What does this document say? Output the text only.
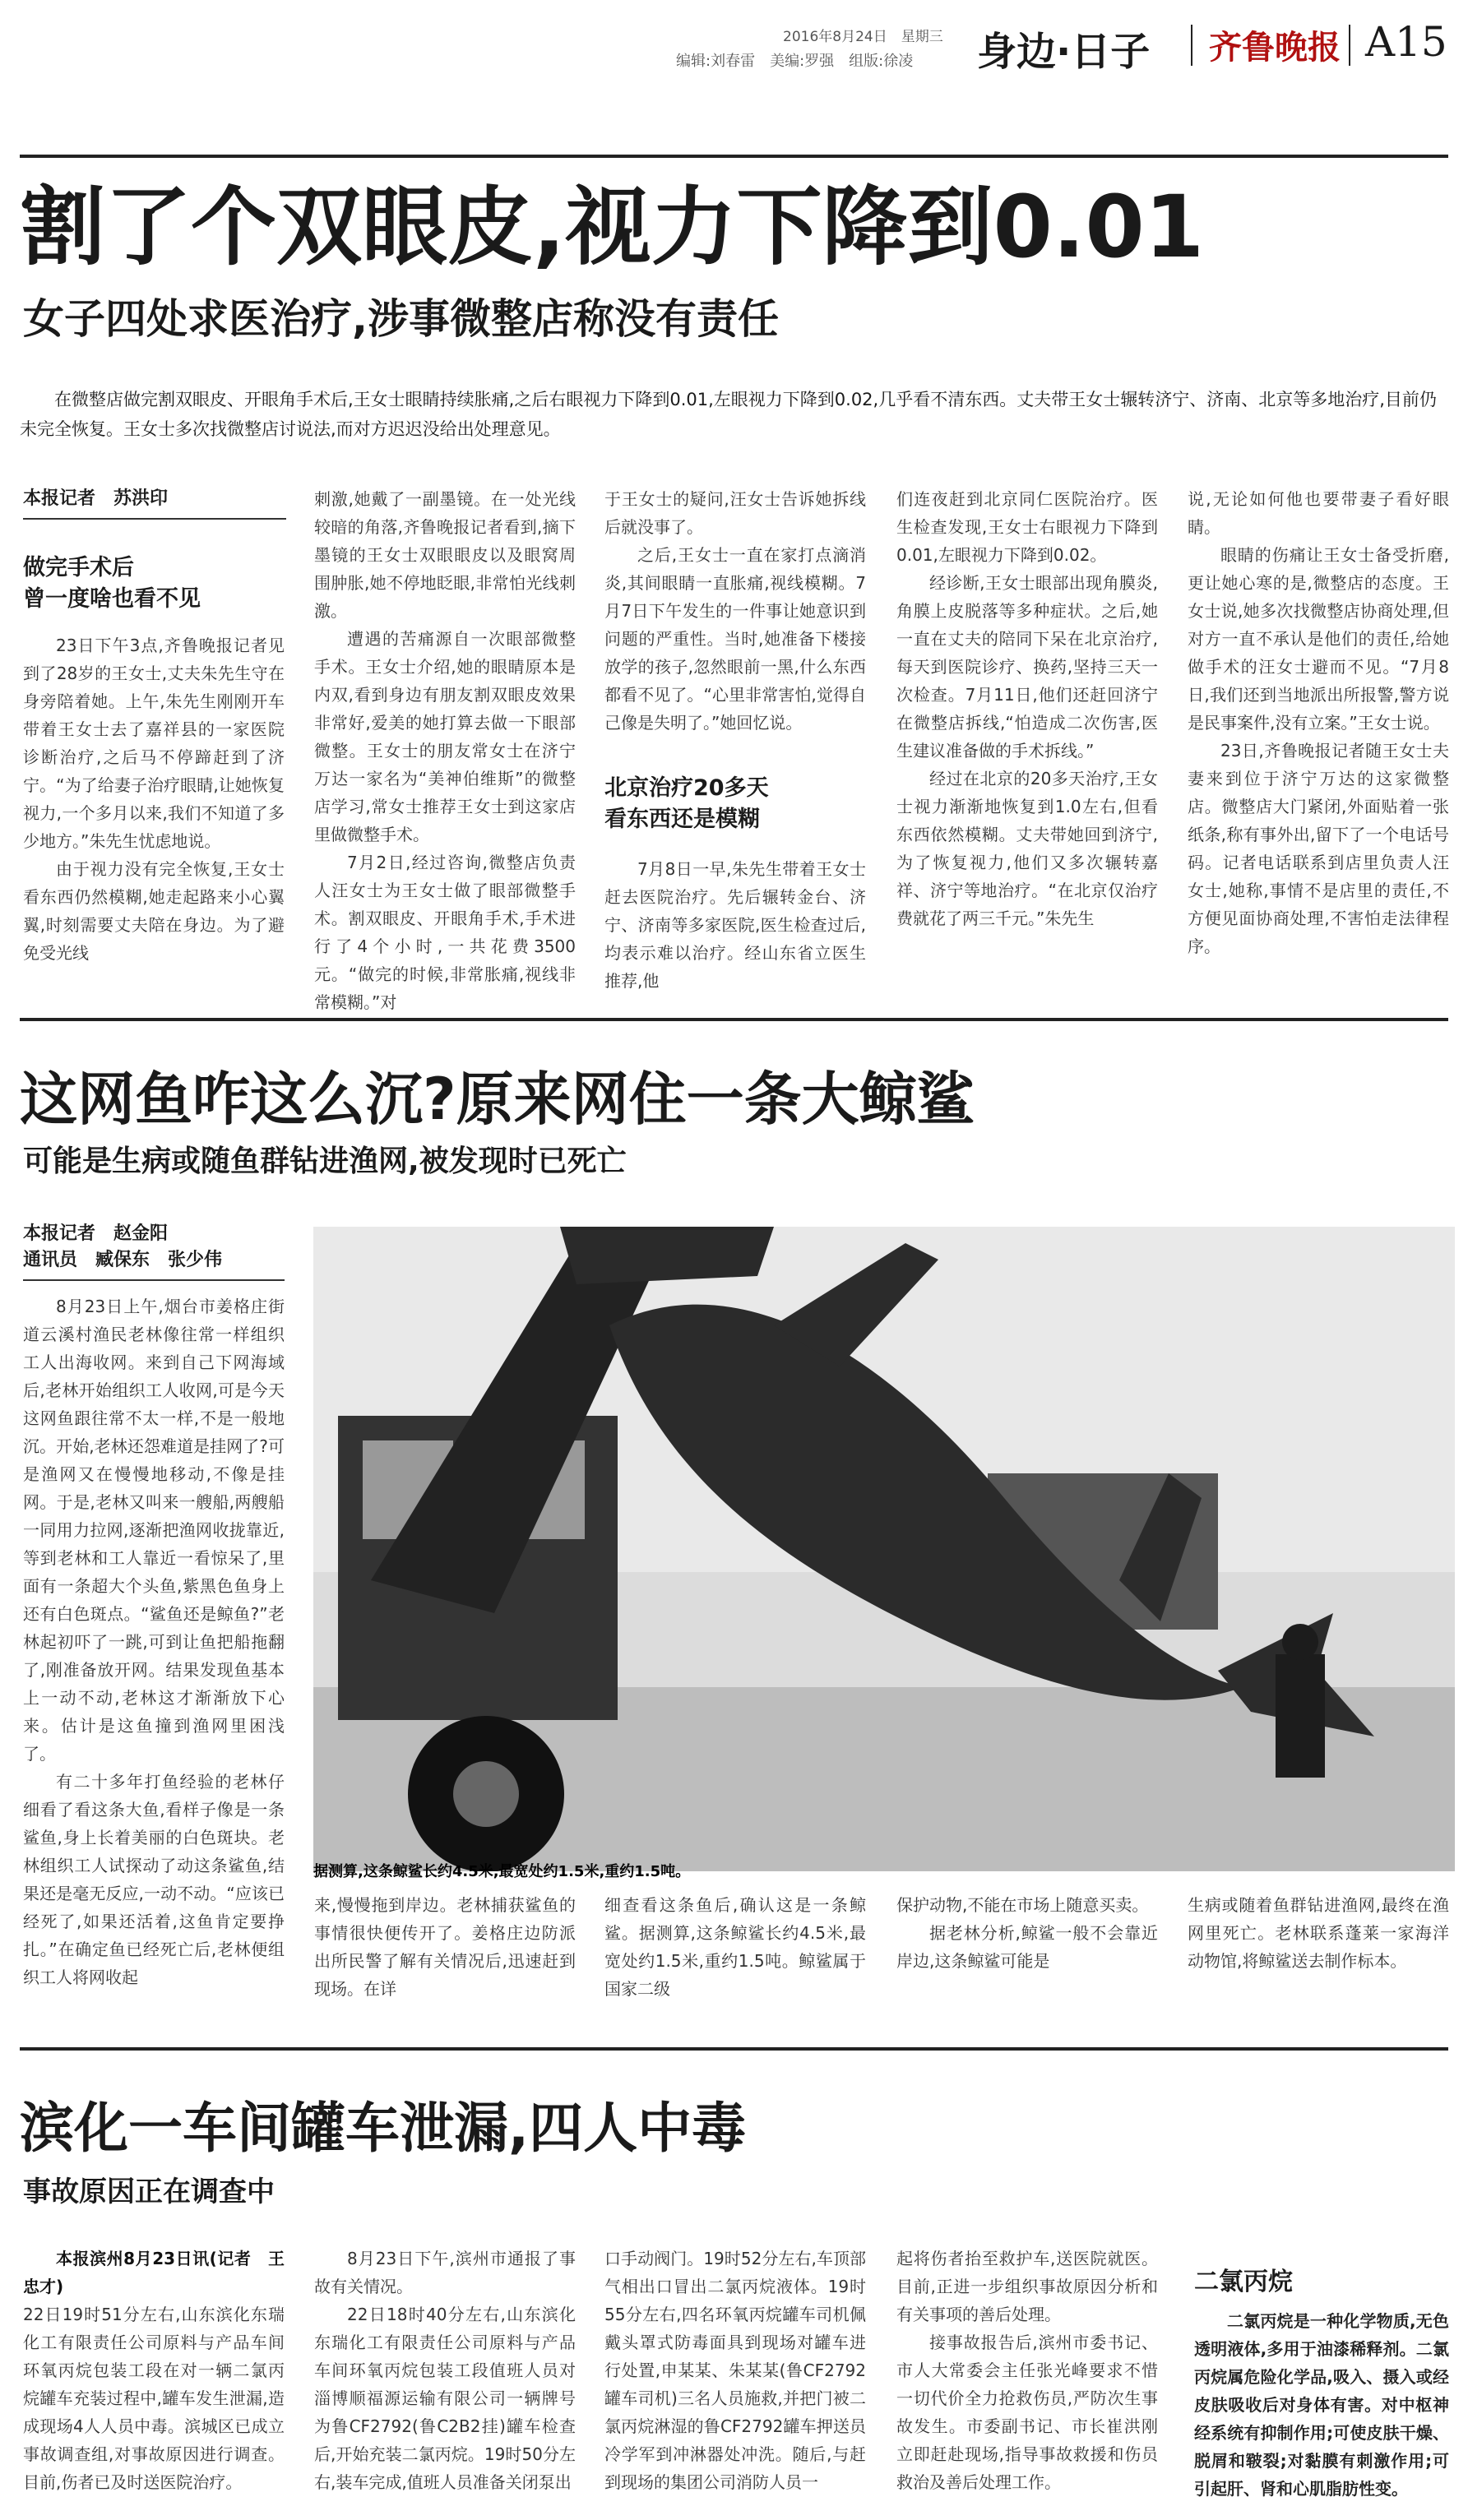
2016年8月24日　星期三
编辑:刘春雷　美编:罗强　组版:徐凌 身边·日子 齐鲁晚报 A15
割了个双眼皮,视力下降到0.01
女子四处求医治疗,涉事微整店称没有责任
在微整店做完割双眼皮、开眼角手术后,王女士眼睛持续胀痛,之后右眼视力下降到0.01,左眼视力下降到0.02,几乎看不清东西。丈夫带王女士辗转济宁、济南、北京等多地治疗,目前仍未完全恢复。王女士多次找微整店讨说法,而对方迟迟没给出处理意见。
本报记者　苏洪印
做完手术后
曾一度啥也看不见

23日下午3点,齐鲁晚报记者见到了28岁的王女士,丈夫朱先生守在身旁陪着她。上午,朱先生刚刚开车带着王女士去了嘉祥县的一家医院诊断治疗,之后马不停蹄赶到了济宁。“为了给妻子治疗眼睛,让她恢复视力,一个多月以来,我们不知道了多少地方。”朱先生忧虑地说。

由于视力没有完全恢复,王女士看东西仍然模糊,她走起路来小心翼翼,时刻需要丈夫陪在身边。为了避免受光线

刺激,她戴了一副墨镜。在一处光线较暗的角落,齐鲁晚报记者看到,摘下墨镜的王女士双眼眼皮以及眼窝周围肿胀,她不停地眨眼,非常怕光线刺激。

遭遇的苦痛源自一次眼部微整手术。王女士介绍,她的眼睛原本是内双,看到身边有朋友割双眼皮效果非常好,爱美的她打算去做一下眼部微整。王女士的朋友常女士在济宁万达一家名为“美神伯维斯”的微整店学习,常女士推荐王女士到这家店里做微整手术。

7月2日,经过咨询,微整店负责人汪女士为王女士做了眼部微整手术。割双眼皮、开眼角手术,手术进行了4个小时,一共花费3500元。“做完的时候,非常胀痛,视线非常模糊。”对

于王女士的疑问,汪女士告诉她拆线后就没事了。

之后,王女士一直在家打点滴消炎,其间眼睛一直胀痛,视线模糊。7月7日下午发生的一件事让她意识到问题的严重性。当时,她准备下楼接放学的孩子,忽然眼前一黑,什么东西都看不见了。“心里非常害怕,觉得自己像是失明了。”她回忆说。

北京治疗20多天
看东西还是模糊

7月8日一早,朱先生带着王女士赶去医院治疗。先后辗转金台、济宁、济南等多家医院,医生检查过后,均表示难以治疗。经山东省立医生推荐,他

们连夜赶到北京同仁医院治疗。医生检查发现,王女士右眼视力下降到0.01,左眼视力下降到0.02。

经诊断,王女士眼部出现角膜炎,角膜上皮脱落等多种症状。之后,她一直在丈夫的陪同下呆在北京治疗,每天到医院诊疗、换药,坚持三天一次检查。7月11日,他们还赶回济宁在微整店拆线,“怕造成二次伤害,医生建议准备做的手术拆线。”

经过在北京的20多天治疗,王女士视力渐渐地恢复到1.0左右,但看东西依然模糊。丈夫带她回到济宁,为了恢复视力,他们又多次辗转嘉祥、济宁等地治疗。“在北京仅治疗费就花了两三千元。”朱先生

说,无论如何他也要带妻子看好眼睛。

眼睛的伤痛让王女士备受折磨,更让她心寒的是,微整店的态度。王女士说,她多次找微整店协商处理,但对方一直不承认是他们的责任,给她做手术的汪女士避而不见。“7月8日,我们还到当地派出所报警,警方说是民事案件,没有立案。”王女士说。

23日,齐鲁晚报记者随王女士夫妻来到位于济宁万达的这家微整店。微整店大门紧闭,外面贴着一张纸条,称有事外出,留下了一个电话号码。记者电话联系到店里负责人汪女士,她称,事情不是店里的责任,不方便见面协商处理,不害怕走法律程序。

这网鱼咋这么沉?原来网住一条大鲸鲨
可能是生病或随鱼群钻进渔网,被发现时已死亡
本报记者　赵金阳
通讯员　臧保东　张少伟

8月23日上午,烟台市姜格庄街道云溪村渔民老林像往常一样组织工人出海收网。来到自己下网海域后,老林开始组织工人收网,可是今天这网鱼跟往常不太一样,不是一般地沉。开始,老林还怨难道是挂网了?可是渔网又在慢慢地移动,不像是挂网。于是,老林又叫来一艘船,两艘船一同用力拉网,逐渐把渔网收拢靠近,等到老林和工人靠近一看惊呆了,里面有一条超大个头鱼,紫黑色鱼身上还有白色斑点。“鲨鱼还是鲸鱼?”老林起初吓了一跳,可到让鱼把船拖翻了,刚准备放开网。结果发现鱼基本上一动不动,老林这才渐渐放下心来。估计是这鱼撞到渔网里困浅了。

有二十多年打鱼经验的老林仔细看了看这条大鱼,看样子像是一条鲨鱼,身上长着美丽的白色斑块。老林组织工人试探动了动这条鲨鱼,结果还是毫无反应,一动不动。“应该已经死了,如果还活着,这鱼肯定要挣扎。”在确定鱼已经死亡后,老林便组织工人将网收起

据测算,这条鲸鲨长约4.5米,最宽处约1.5米,重约1.5吨。

来,慢慢拖到岸边。老林捕获鲨鱼的事情很快便传开了。姜格庄边防派出所民警了解有关情况后,迅速赶到现场。在详

细查看这条鱼后,确认这是一条鲸鲨。据测算,这条鲸鲨长约4.5米,最宽处约1.5米,重约1.5吨。鲸鲨属于国家二级

保护动物,不能在市场上随意买卖。

据老林分析,鲸鲨一般不会靠近岸边,这条鲸鲨可能是

生病或随着鱼群钻进渔网,最终在渔网里死亡。老林联系蓬莱一家海洋动物馆,将鲸鲨送去制作标本。

滨化一车间罐车泄漏,四人中毒
事故原因正在调查中

本报滨州8月23日讯(记者　王忠才)

22日19时51分左右,山东滨化东瑞化工有限责任公司原料与产品车间环氧丙烷包装工段在对一辆二氯丙烷罐车充装过程中,罐车发生泄漏,造成现场4人人员中毒。滨城区已成立事故调查组,对事故原因进行调查。目前,伤者已及时送医院治疗。

8月23日下午,滨州市通报了事故有关情况。

22日18时40分左右,山东滨化东瑞化工有限责任公司原料与产品车间环氧丙烷包装工段值班人员对淄博顺福源运输有限公司一辆牌号为鲁CF2792(鲁C2B2挂)罐车检查后,开始充装二氯丙烷。19时50分左右,装车完成,值班人员准备关闭泵出

口手动阀门。19时52分左右,车顶部气相出口冒出二氯丙烷液体。19时55分左右,四名环氧丙烷罐车司机佩戴头罩式防毒面具到现场对罐车进行处置,申某某、朱某某(鲁CF2792罐车司机)三名人员施救,并把门被二氯丙烷淋湿的鲁CF2792罐车押送员冷学军到冲淋器处冲洗。随后,与赶到现场的集团公司消防人员一

起将伤者抬至救护车,送医院就医。目前,正进一步组织事故原因分析和有关事项的善后处理。

接事故报告后,滨州市委书记、市人大常委会主任张光峰要求不惜一切代价全力抢救伤员,严防次生事故发生。市委副书记、市长崔洪刚立即赶赴现场,指导事故救援和伤员救治及善后处理工作。

二氯丙烷

二氯丙烷是一种化学物质,无色透明液体,多用于油漆稀释剂。二氯丙烷属危险化学品,吸入、摄入或经皮肤吸收后对身体有害。对中枢神经系统有抑制作用;可使皮肤干燥、脱屑和皲裂;对黏膜有刺激作用;可引起肝、肾和心肌脂肪性变。
